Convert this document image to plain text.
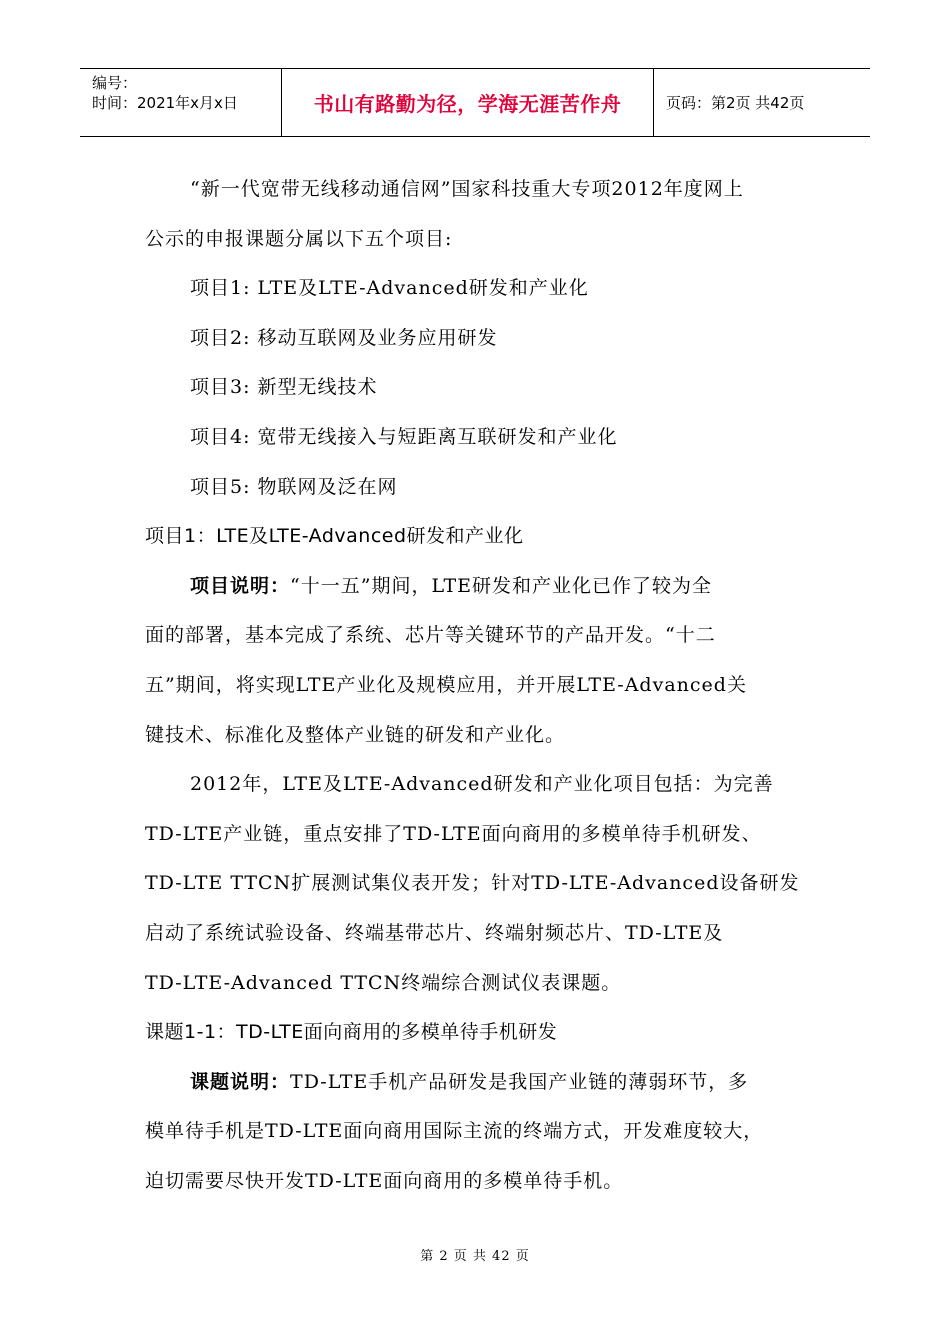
编号：
时间：2021年x月x日	书山有路勤为径，学海无涯苦作舟	页码：第2页 共42页

“新一代宽带无线移动通信网”国家科技重大专项2012年度网上

公示的申报课题分属以下五个项目:

项目1: LTE及LTE-Advanced研发和产业化

项目2: 移动互联网及业务应用研发

项目3: 新型无线技术

项目4: 宽带无线接入与短距离互联研发和产业化

项目5: 物联网及泛在网

项目1：LTE及LTE-Advanced研发和产业化

项目说明：“十一五”期间，LTE研发和产业化已作了较为全

面的部署，基本完成了系统、芯片等关键环节的产品开发。“十二

五”期间，将实现LTE产业化及规模应用，并开展LTE-Advanced关

键技术、标准化及整体产业链的研发和产业化。

2012年，LTE及LTE-Advanced研发和产业化项目包括：为完善

TD-LTE产业链，重点安排了TD-LTE面向商用的多模单待手机研发、

TD-LTE TTCN扩展测试集仪表开发；针对TD-LTE-Advanced设备研发

启动了系统试验设备、终端基带芯片、终端射频芯片、TD-LTE及

TD-LTE-Advanced TTCN终端综合测试仪表课题。

课题1-1：TD-LTE面向商用的多模单待手机研发

课题说明：TD-LTE手机产品研发是我国产业链的薄弱环节，多

模单待手机是TD-LTE面向商用国际主流的终端方式，开发难度较大，

迫切需要尽快开发TD-LTE面向商用的多模单待手机。

第 2 页 共 42 页
